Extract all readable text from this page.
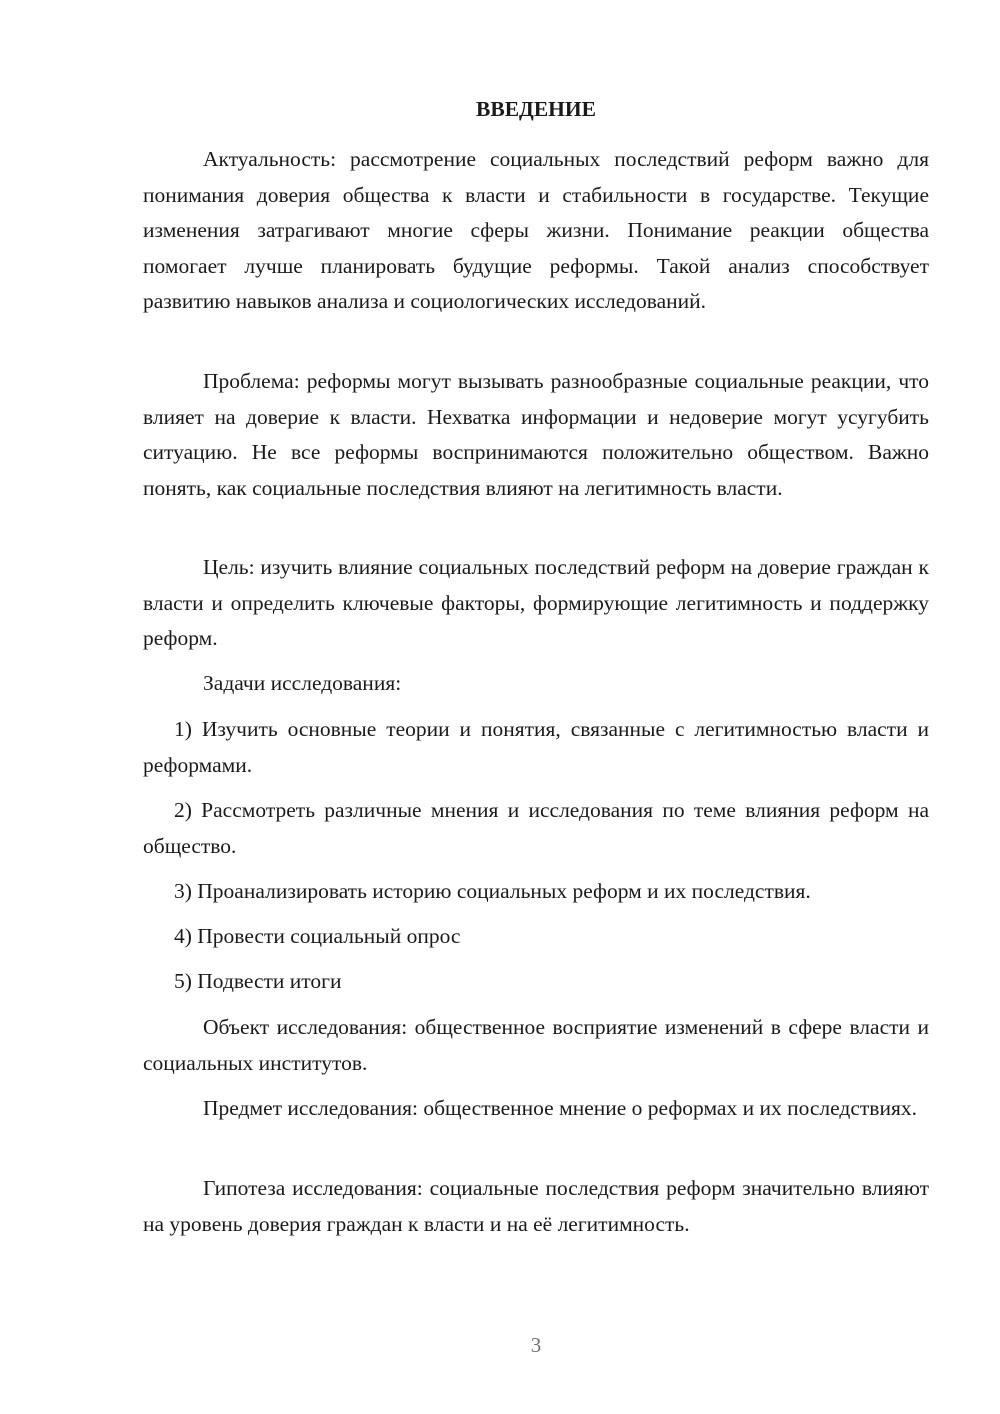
ВВЕДЕНИЕ

Актуальность: рассмотрение социальных последствий реформ важно для понимания доверия общества к власти и стабильности в государстве. Текущие изменения затрагивают многие сферы жизни. Понимание реакции общества помогает лучше планировать будущие реформы. Такой анализ способствует развитию навыков анализа и социологических исследований.

Проблема: реформы могут вызывать разнообразные социальные реакции, что влияет на доверие к власти. Нехватка информации и недоверие могут усугубить ситуацию. Не все реформы воспринимаются положительно обществом. Важно понять, как социальные последствия влияют на легитимность власти.

Цель: изучить влияние социальных последствий реформ на доверие граждан к власти и определить ключевые факторы, формирующие легитимность и поддержку реформ.

Задачи исследования:

1) Изучить основные теории и понятия, связанные с легитимностью власти и реформами.

2) Рассмотреть различные мнения и исследования по теме влияния реформ на общество.

3) Проанализировать историю социальных реформ и их последствия.

4) Провести социальный опрос

5) Подвести итоги

Объект исследования: общественное восприятие изменений в сфере власти и социальных институтов.

Предмет исследования: общественное мнение о реформах и их последствиях.

Гипотеза исследования: социальные последствия реформ значительно влияют на уровень доверия граждан к власти и на её легитимность.

3
